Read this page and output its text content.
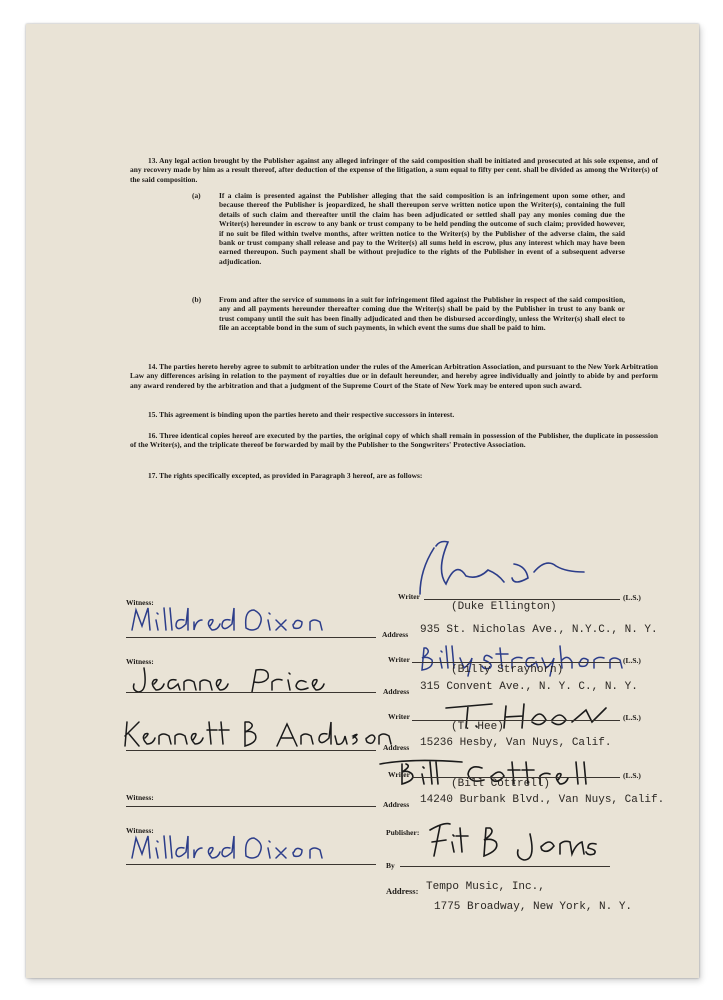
13. Any legal action brought by the Publisher against any alleged infringer of the said composition shall be initiated and prosecuted at his sole expense, and of any recovery made by him as a result thereof, after deduction of the expense of the litigation, a sum equal to fifty per cent. shall be divided as among the Writer(s) of the said composition.
(a) If a claim is presented against the Publisher alleging that the said composition is an infringement upon some other, and because thereof the Publisher is jeopardized, he shall thereupon serve written notice upon the Writer(s), containing the full details of such claim and thereafter until the claim has been adjudicated or settled shall pay any monies coming due the Writer(s) hereunder in escrow to any bank or trust company to be held pending the outcome of such claim; provided however, if no suit be filed within twelve months, after written notice to the Writer(s) by the Publisher of the adverse claim, the said bank or trust company shall release and pay to the Writer(s) all sums held in escrow, plus any interest which may have been earned thereupon. Such payment shall be without prejudice to the rights of the Publisher in event of a subsequent adverse adjudication.
(b) From and after the service of summons in a suit for infringement filed against the Publisher in respect of the said composition, any and all payments hereunder thereafter coming due the Writer(s) shall be paid by the Publisher in trust to any bank or trust company until the suit has been finally adjudicated and then be disbursed accordingly, unless the Writer(s) shall elect to file an acceptable bond in the sum of such payments, in which event the sums due shall be paid to him.
14. The parties hereto hereby agree to submit to arbitration under the rules of the American Arbitration Association, and pursuant to the New York Arbitration Law any differences arising in relation to the payment of royalties due or in default hereunder, and hereby agree individually and jointly to abide by and perform any award rendered by the arbitration and that a judgment of the Supreme Court of the State of New York may be entered upon such award.
15. This agreement is binding upon the parties hereto and their respective successors in interest.
16. Three identical copies hereof are executed by the parties, the original copy of which shall remain in possession of the Publisher, the duplicate in possession of the Writer(s), and the triplicate thereof be forwarded by mail by the Publisher to the Songwriters' Protective Association.
17. The rights specifically excepted, as provided in Paragraph 3 hereof, are as follows:
Witness:
Witness:
Witness:
Witness:
Writer	(L.S.)
(Duke Ellington)
Address 935 St. Nicholas Ave., N.Y.C., N. Y.
Writer	(L.S.)
(Billy Strayhorn)
Address 315 Convent Ave., N. Y. C., N. Y.
Writer	(L.S.)
(T. Hee)
Address 15236 Hesby, Van Nuys, Calif.
Writer	(L.S.)
(Bill Cottrell)
Address 14240 Burbank Blvd., Van Nuys, Calif.
Publisher:
By
Address: Tempo Music, Inc.,
1775 Broadway, New York, N. Y.
